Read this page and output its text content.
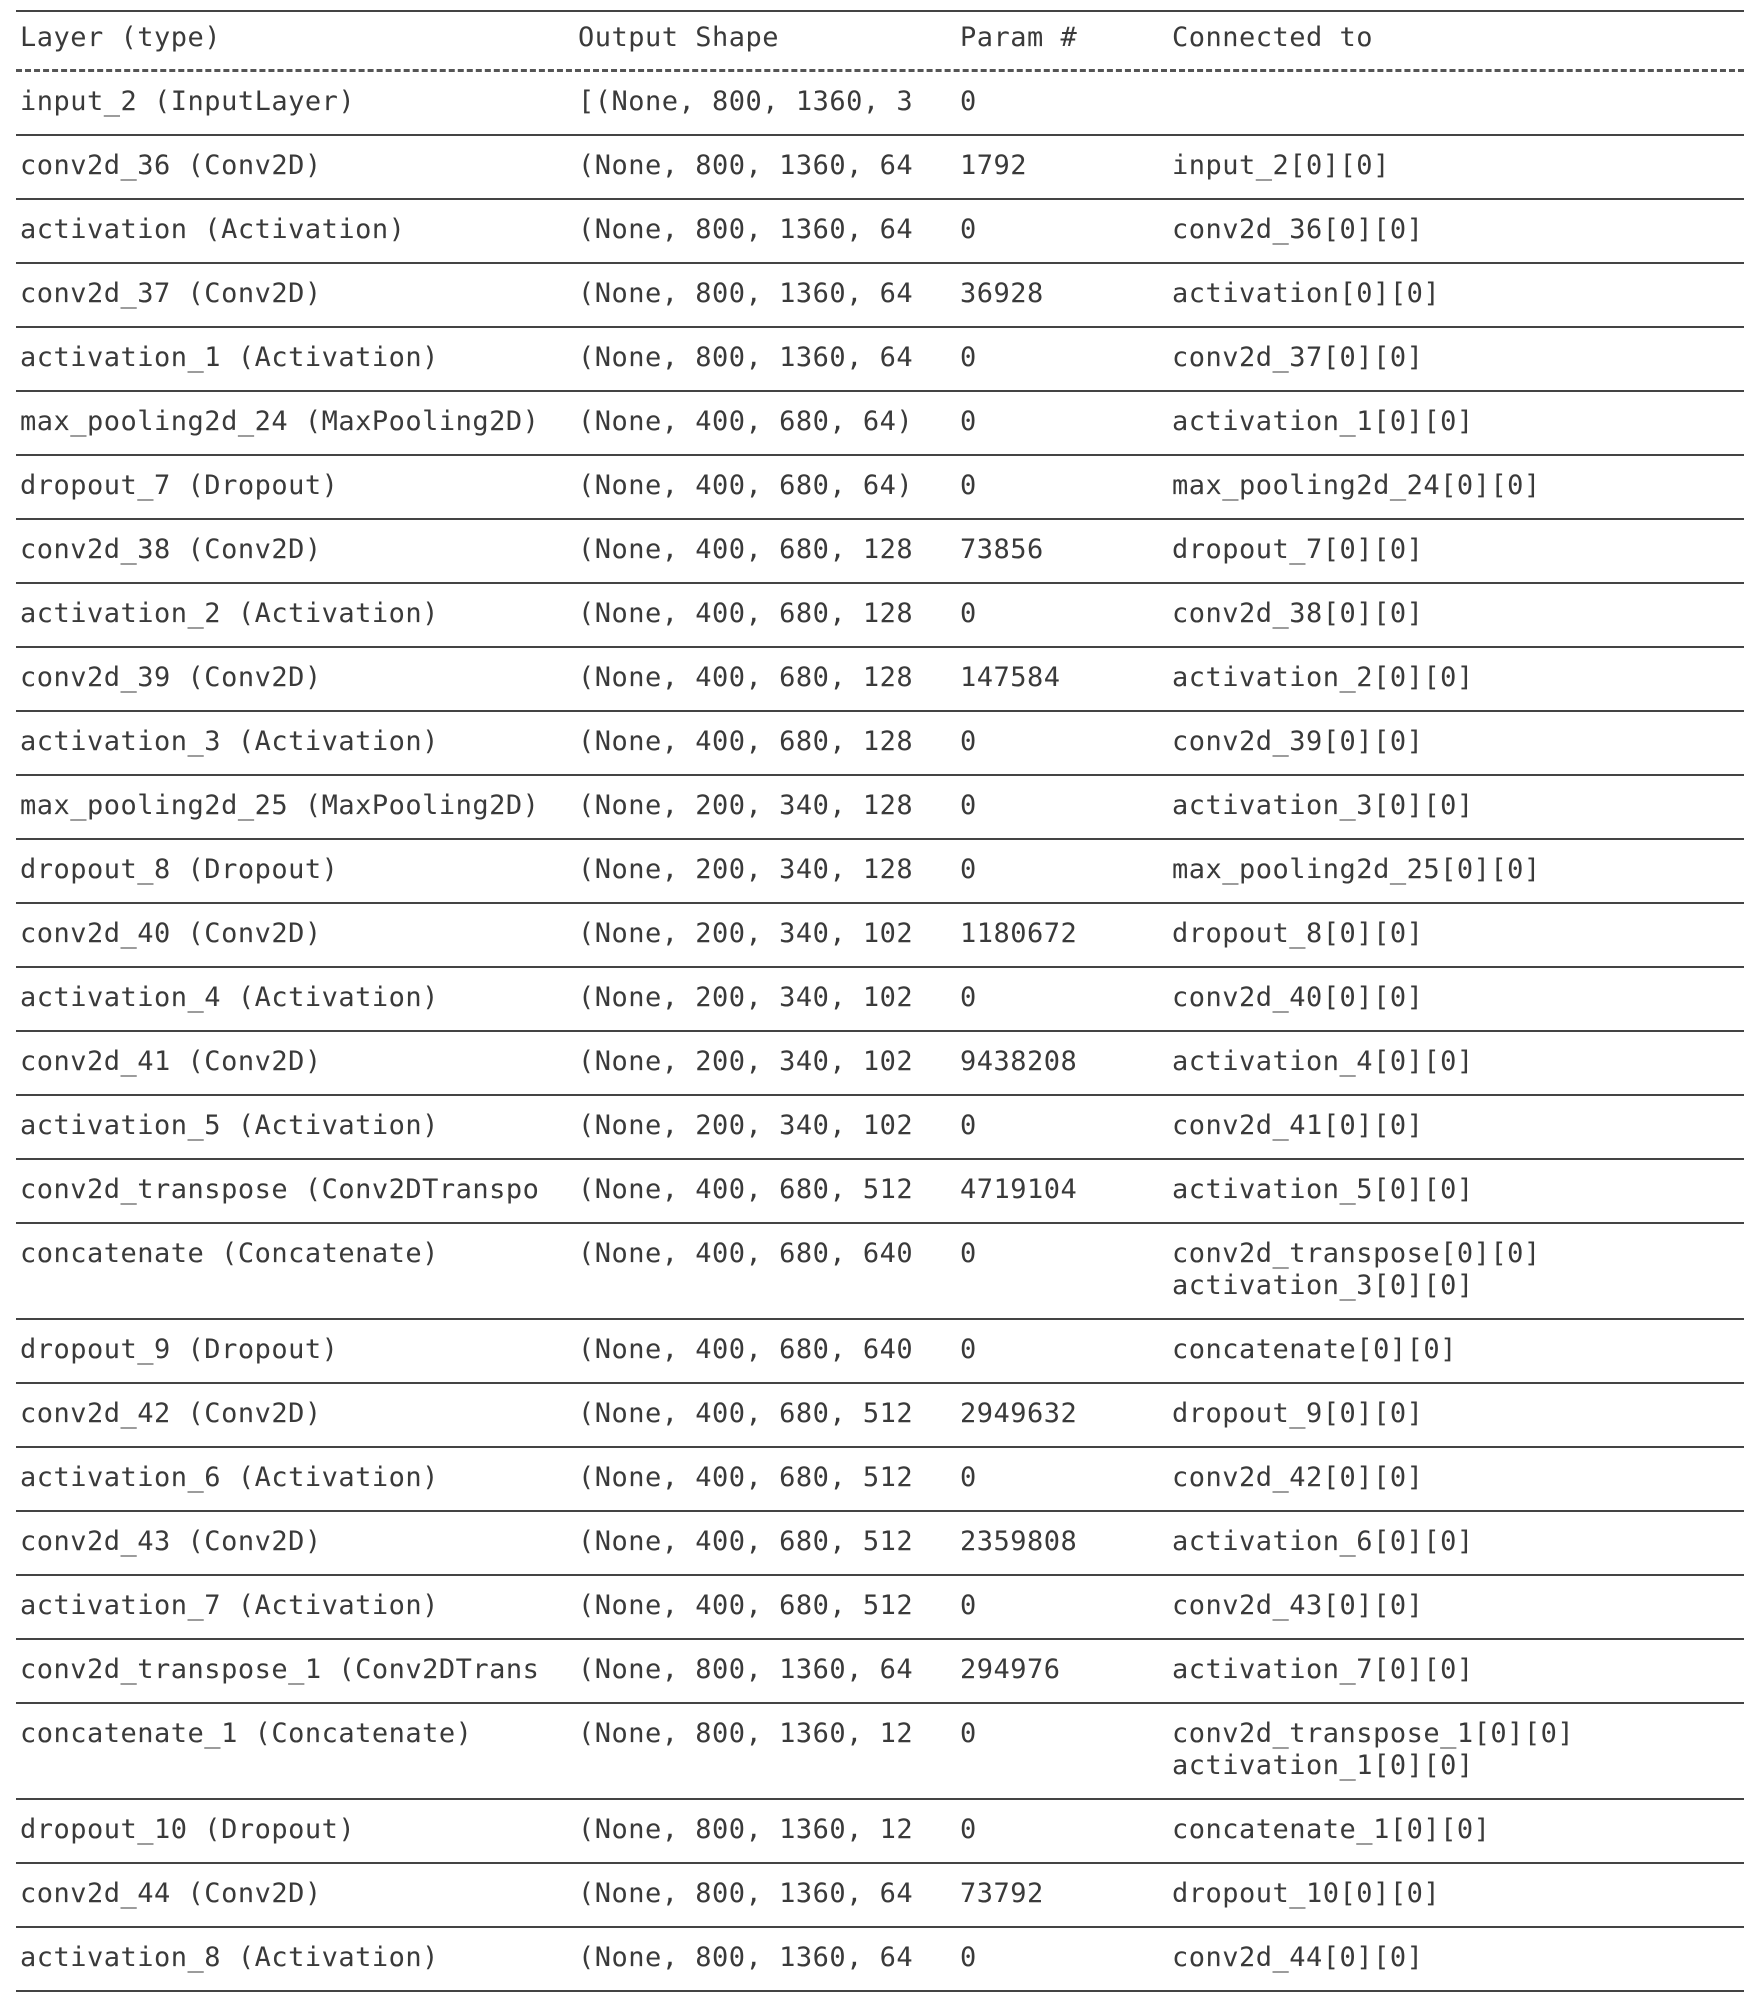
Layer (type)	Output Shape	Param #	Connected to
input_2 (InputLayer)	[(None, 800, 1360, 3	0
conv2d_36 (Conv2D)	(None, 800, 1360, 64	1792	input_2[0][0]
activation (Activation)	(None, 800, 1360, 64	0	conv2d_36[0][0]
conv2d_37 (Conv2D)	(None, 800, 1360, 64	36928	activation[0][0]
activation_1 (Activation)	(None, 800, 1360, 64	0	conv2d_37[0][0]
max_pooling2d_24 (MaxPooling2D)	(None, 400, 680, 64)	0	activation_1[0][0]
dropout_7 (Dropout)	(None, 400, 680, 64)	0	max_pooling2d_24[0][0]
conv2d_38 (Conv2D)	(None, 400, 680, 128	73856	dropout_7[0][0]
activation_2 (Activation)	(None, 400, 680, 128	0	conv2d_38[0][0]
conv2d_39 (Conv2D)	(None, 400, 680, 128	147584	activation_2[0][0]
activation_3 (Activation)	(None, 400, 680, 128	0	conv2d_39[0][0]
max_pooling2d_25 (MaxPooling2D)	(None, 200, 340, 128	0	activation_3[0][0]
dropout_8 (Dropout)	(None, 200, 340, 128	0	max_pooling2d_25[0][0]
conv2d_40 (Conv2D)	(None, 200, 340, 102	1180672	dropout_8[0][0]
activation_4 (Activation)	(None, 200, 340, 102	0	conv2d_40[0][0]
conv2d_41 (Conv2D)	(None, 200, 340, 102	9438208	activation_4[0][0]
activation_5 (Activation)	(None, 200, 340, 102	0	conv2d_41[0][0]
conv2d_transpose (Conv2DTranspo	(None, 400, 680, 512	4719104	activation_5[0][0]
concatenate (Concatenate)	(None, 400, 680, 640	0	conv2d_transpose[0][0]
activation_3[0][0]
dropout_9 (Dropout)	(None, 400, 680, 640	0	concatenate[0][0]
conv2d_42 (Conv2D)	(None, 400, 680, 512	2949632	dropout_9[0][0]
activation_6 (Activation)	(None, 400, 680, 512	0	conv2d_42[0][0]
conv2d_43 (Conv2D)	(None, 400, 680, 512	2359808	activation_6[0][0]
activation_7 (Activation)	(None, 400, 680, 512	0	conv2d_43[0][0]
conv2d_transpose_1 (Conv2DTrans	(None, 800, 1360, 64	294976	activation_7[0][0]
concatenate_1 (Concatenate)	(None, 800, 1360, 12	0	conv2d_transpose_1[0][0]
activation_1[0][0]
dropout_10 (Dropout)	(None, 800, 1360, 12	0	concatenate_1[0][0]
conv2d_44 (Conv2D)	(None, 800, 1360, 64	73792	dropout_10[0][0]
activation_8 (Activation)	(None, 800, 1360, 64	0	conv2d_44[0][0]
